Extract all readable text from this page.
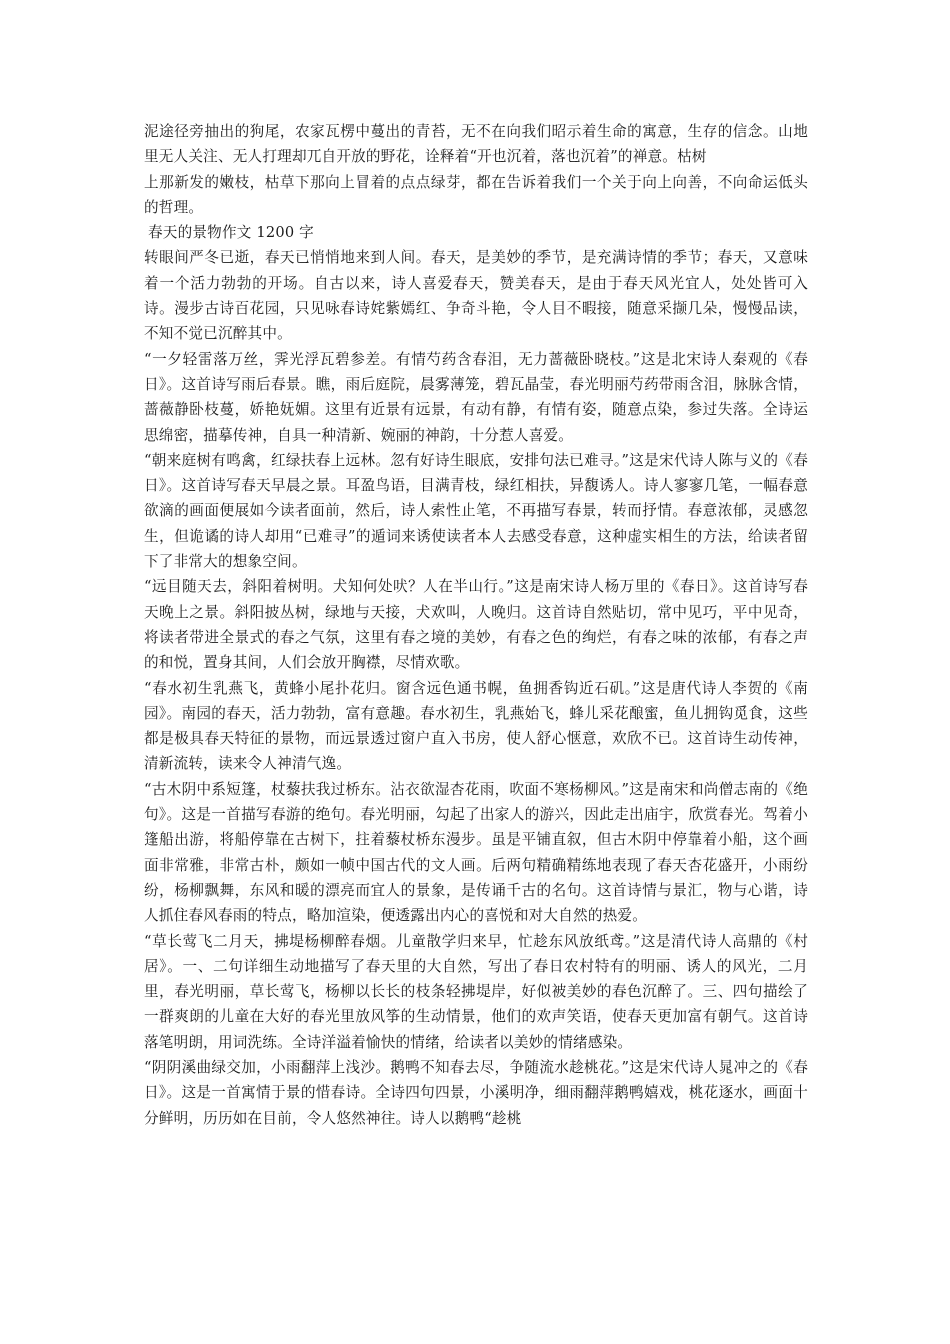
泥途径旁抽出的狗尾，农家瓦楞中蔓出的青苔，无不在向我们昭示着生命的寓意，生存的信念。山地里无人关注、无人打理却兀自开放的野花，诠释着“开也沉着，落也沉着”的禅意。枯树

上那新发的嫩枝，枯草下那向上冒着的点点绿芽，都在告诉着我们一个关于向上向善，不向命运低头的哲理。

春天的景物作文 1200 字

转眼间严冬已逝，春天已悄悄地来到人间。春天，是美妙的季节，是充满诗情的季节；春天，又意味着一个活力勃勃的开场。自古以来，诗人喜爱春天，赞美春天，是由于春天风光宜人，处处皆可入诗。漫步古诗百花园，只见咏春诗姹紫嫣红、争奇斗艳，令人目不暇接，随意采撷几朵，慢慢品读，不知不觉已沉醉其中。

“一夕轻雷落万丝，霁光浮瓦碧参差。有情芍药含春泪，无力蔷薇卧晓枝。”这是北宋诗人秦观的《春日》。这首诗写雨后春景。瞧，雨后庭院，晨雾薄笼，碧瓦晶莹，春光明丽芍药带雨含泪，脉脉含情，蔷薇静卧枝蔓，娇艳妩媚。这里有近景有远景，有动有静，有情有姿，随意点染，参过失落。全诗运思绵密，描摹传神，自具一种清新、婉丽的神韵，十分惹人喜爱。

“朝来庭树有鸣禽，红绿扶春上远林。忽有好诗生眼底，安排句法已难寻。”这是宋代诗人陈与义的《春日》。这首诗写春天早晨之景。耳盈鸟语，目满青枝，绿红相扶，异馥诱人。诗人寥寥几笔，一幅春意欲滴的画面便展如今读者面前，然后，诗人索性止笔，不再描写春景，转而抒情。春意浓郁，灵感忽生，但诡谲的诗人却用“已难寻”的遁词来诱使读者本人去感受春意，这种虚实相生的方法，给读者留下了非常大的想象空间。

“远目随天去，斜阳着树明。犬知何处吠？人在半山行。”这是南宋诗人杨万里的《春日》。这首诗写春天晚上之景。斜阳披丛树，绿地与天接，犬欢叫，人晚归。这首诗自然贴切，常中见巧，平中见奇，将读者带进全景式的春之气氛，这里有春之境的美妙，有春之色的绚烂，有春之味的浓郁，有春之声的和悦，置身其间，人们会放开胸襟，尽情欢歌。

“春水初生乳燕飞，黄蜂小尾扑花归。窗含远色通书幌，鱼拥香钩近石矶。”这是唐代诗人李贺的《南园》。南园的春天，活力勃勃，富有意趣。春水初生，乳燕始飞，蜂儿采花酿蜜，鱼儿拥钩觅食，这些都是极具春天特征的景物，而远景透过窗户直入书房，使人舒心惬意，欢欣不已。这首诗生动传神，清新流转，读来令人神清气逸。

“古木阴中系短篷，杖藜扶我过桥东。沾衣欲湿杏花雨，吹面不寒杨柳风。”这是南宋和尚僧志南的《绝句》。这是一首描写春游的绝句。春光明丽，勾起了出家人的游兴，因此走出庙宇，欣赏春光。驾着小篷船出游，将船停靠在古树下，拄着藜杖桥东漫步。虽是平铺直叙，但古木阴中停靠着小船，这个画面非常雅，非常古朴，颇如一帧中国古代的文人画。后两句精确精练地表现了春天杏花盛开，小雨纷纷，杨柳飘舞，东风和暖的漂亮而宜人的景象，是传诵千古的名句。这首诗情与景汇，物与心谐，诗人抓住春风春雨的特点，略加渲染，便透露出内心的喜悦和对大自然的热爱。

“草长莺飞二月天，拂堤杨柳醉春烟。儿童散学归来早，忙趁东风放纸鸢。”这是清代诗人高鼎的《村居》。一、二句详细生动地描写了春天里的大自然，写出了春日农村特有的明丽、诱人的风光，二月里，春光明丽，草长莺飞，杨柳以长长的枝条轻拂堤岸，好似被美妙的春色沉醉了。三、四句描绘了一群爽朗的儿童在大好的春光里放风筝的生动情景，他们的欢声笑语，使春天更加富有朝气。这首诗落笔明朗，用词洗练。全诗洋溢着愉快的情绪，给读者以美妙的情绪感染。

“阴阴溪曲绿交加，小雨翻萍上浅沙。鹅鸭不知春去尽，争随流水趁桃花。”这是宋代诗人晁冲之的《春日》。这是一首寓情于景的惜春诗。全诗四句四景，小溪明净，细雨翻萍鹅鸭嬉戏，桃花逐水，画面十分鲜明，历历如在目前，令人悠然神往。诗人以鹅鸭“趁桃
